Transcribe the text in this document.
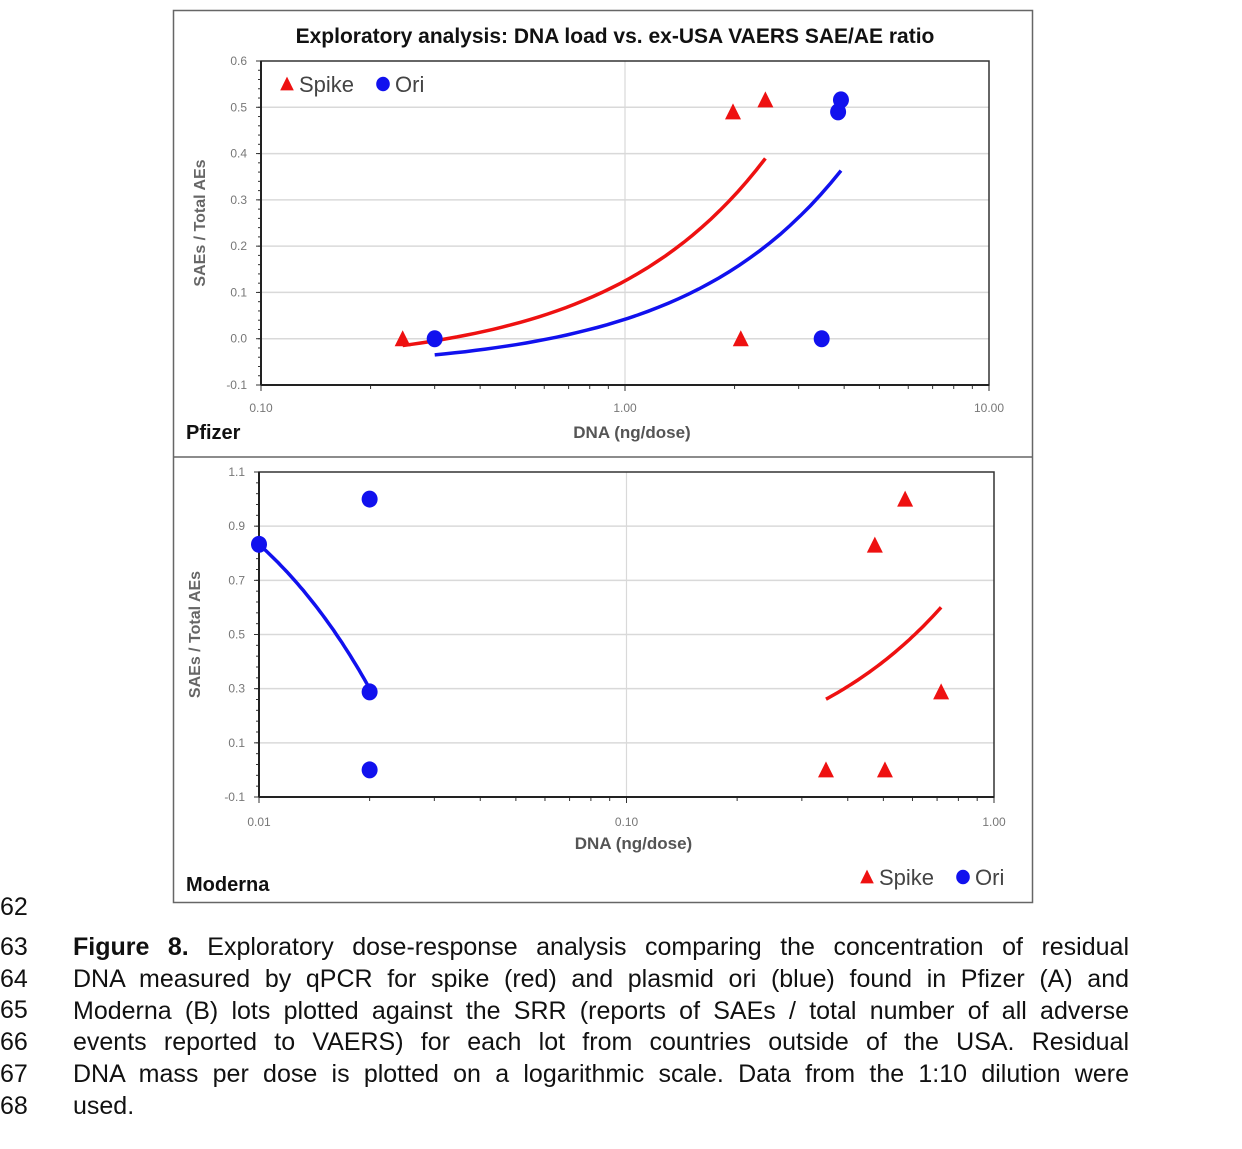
Exploratory analysis: DNA load vs. ex-USA VAERS SAE/AE ratio
0.6
0.5
0.4
0.3
0.2
0.1
0.0
-0.1
0.10	1.00	10.00
SAEs / Total AEs
DNA (ng/dose)
Pfizer
Spike Ori
1.1
0.9
0.7
0.5
0.3
0.1
-0.1
0.01	0.10	1.00
SAEs / Total AEs
DNA (ng/dose)
Moderna	Spike Ori
62
63
64
65
66
67
68
Figure 8. Exploratory dose-response analysis comparing the concentration of residual
DNA measured by qPCR for spike (red) and plasmid ori (blue) found in Pfizer (A) and
Moderna (B) lots plotted against the SRR (reports of SAEs / total number of all adverse
events reported to VAERS) for each lot from countries outside of the USA. Residual
DNA mass per dose is plotted on a logarithmic scale. Data from the 1:10 dilution were
used.
